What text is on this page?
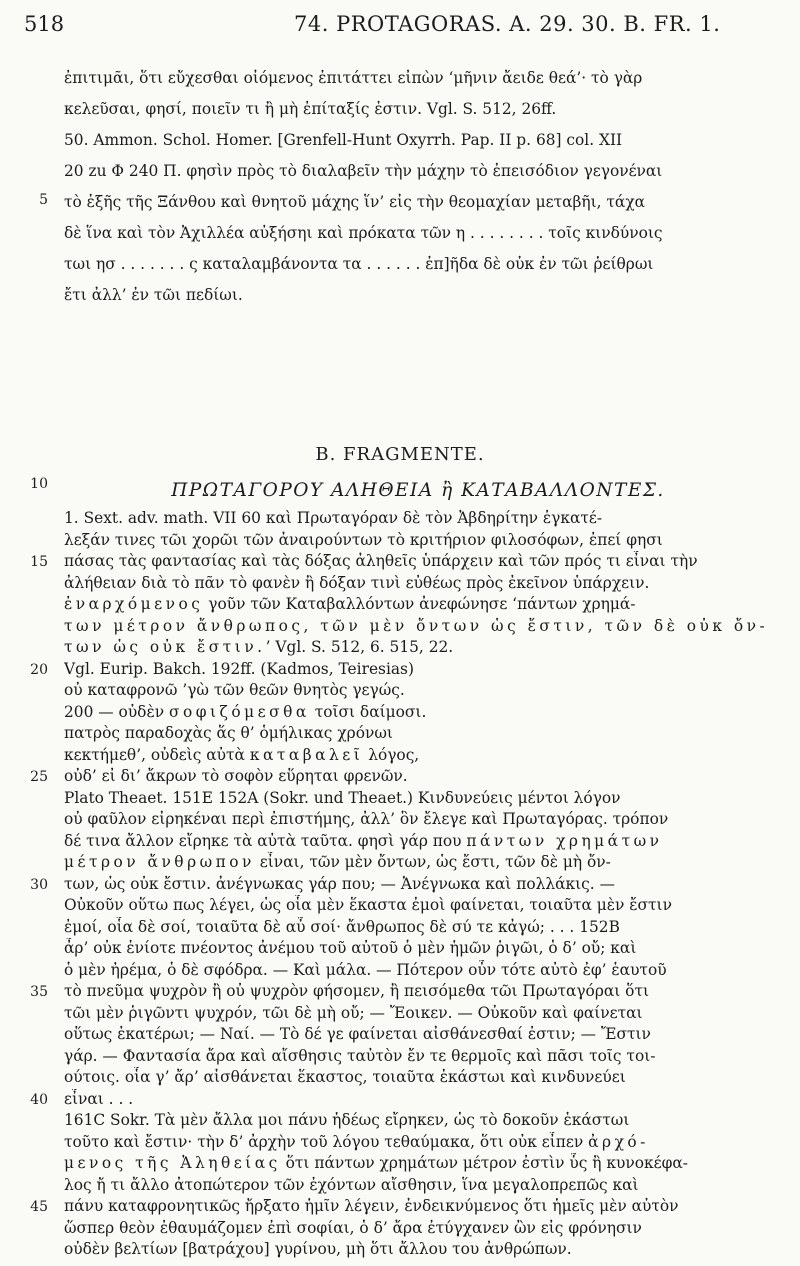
518	74. PROTAGORAS. A. 29. 30. B. FR. 1.
ἐπιτιμᾶι, ὅτι εὔχεσθαι οἰόμενος ἐπιτάττει εἰπὼν ‘μῆνιν ἄειδε θεά’· τὸ γὰρ
κελεῦσαι, φησί, ποιεῖν τι ἢ μὴ ἐπίταξίς ἐστιν. Vgl. S. 512, 26ff.
50. Ammon. Schol. Homer. [Grenfell-Hunt Oxyrrh. Pap. II p. 68] col. XII
20 zu Φ 240 Π. φησὶν πρὸς τὸ διαλαβεῖν τὴν μάχην τὸ ἐπεισόδιον γεγονέναι
τὸ ἑξῆς τῆς Ξάνθου καὶ θνητοῦ μάχης ἵν’ εἰς τὴν θεομαχίαν μεταβῆι, τάχα
δὲ ἵνα καὶ τὸν Ἀχιλλέα αὐξήσηι καὶ πρόκατα τῶν η . . . . . . . . τοῖς κινδύνοις
τωι ησ . . . . . . . ς καταλαμβάνοντα τα . . . . . . ἐπ]ῆδα δὲ οὐκ ἐν τῶι ῥείθρωι
ἔτι ἀλλ’ ἐν τῶι πεδίωι.
B. FRAGMENTE.
ΠΡΩΤΑΓΟΡΟΥ ΑΛΗΘΕΙΑ ἢ ΚΑΤΑΒΑΛΛΟΝΤΕΣ.
1. Sext. adv. math. VII 60 καὶ Πρωταγόραν δὲ τὸν Ἀβδηρίτην ἐγκατέ-
λεξάν τινες τῶι χορῶι τῶν ἀναιρούντων τὸ κριτήριον φιλοσόφων, ἐπεί φησι
πάσας τὰς φαντασίας καὶ τὰς δόξας ἀληθεῖς ὑπάρχειν καὶ τῶν πρός τι εἶναι τὴν
ἀλήθειαν διὰ τὸ πᾶν τὸ φανὲν ἢ δόξαν τινὶ εὐθέως πρὸς ἐκεῖνον ὑπάρχειν.
ἐναρχόμενος γοῦν τῶν Καταβαλλόντων ἀνεφώνησε ‘πάντων χρημά-
των μέτρον ἄνθρωπος, τῶν μὲν ὄντων ὡς ἔστιν, τῶν δὲ οὐκ ὄν-
των ὡς οὐκ ἔστιν.’ Vgl. S. 512, 6. 515, 22.
Vgl. Eurip. Bakch. 192ff. (Kadmos, Teiresias)
οὐ καταφρονῶ ’γὼ τῶν θεῶν θνητὸς γεγώς.
200 — οὐδὲν σοφιζόμεσθα τοῖσι δαίμοσι.
πατρὸς παραδοχὰς ἅς θ’ ὁμήλικας χρόνωι
κεκτήμεθ’, οὐδεὶς αὐτὰ καταβαλεῖ λόγος,
οὐδ’ εἰ δι’ ἄκρων τὸ σοφὸν εὕρηται φρενῶν.
Plato Theaet. 151E 152A (Sokr. und Theaet.) Κινδυνεύεις μέντοι λόγον
οὐ φαῦλον εἰρηκέναι περὶ ἐπιστήμης, ἀλλ’ ὃν ἔλεγε καὶ Πρωταγόρας. τρόπον
δέ τινα ἄλλον εἴρηκε τὰ αὐτὰ ταῦτα. φησὶ γάρ που πάντων χρημάτων
μέτρον ἄνθρωπον εἶναι, τῶν μὲν ὄντων, ὡς ἔστι, τῶν δὲ μὴ ὄν-
των, ὡς οὐκ ἔστιν. ἀνέγνωκας γάρ που; — Ἀνέγνωκα καὶ πολλάκις. —
Οὐκοῦν οὕτω πως λέγει, ὡς οἷα μὲν ἕκαστα ἐμοὶ φαίνεται, τοιαῦτα μὲν ἔστιν
ἐμοί, οἷα δὲ σοί, τοιαῦτα δὲ αὖ σοί· ἄνθρωπος δὲ σύ τε κἀγώ; . . . 152B
ἆρ’ οὐκ ἐνίοτε πνέοντος ἀνέμου τοῦ αὐτοῦ ὁ μὲν ἡμῶν ῥιγῶι, ὁ δ’ οὔ; καὶ
ὁ μὲν ἠρέμα, ὁ δὲ σφόδρα. — Καὶ μάλα. — Πότερον οὖν τότε αὐτὸ ἐφ’ ἑαυτοῦ
τὸ πνεῦμα ψυχρὸν ἢ οὐ ψυχρὸν φήσομεν, ἢ πεισόμεθα τῶι Πρωταγόραι ὅτι
τῶι μὲν ῥιγῶντι ψυχρόν, τῶι δὲ μὴ οὔ; — Ἔοικεν. — Οὐκοῦν καὶ φαίνεται
οὕτως ἑκατέρωι; — Ναί. — Τὸ δέ γε φαίνεται αἰσθάνεσθαί ἐστιν; — Ἔστιν
γάρ. — Φαντασία ἄρα καὶ αἴσθησις ταὐτὸν ἔν τε θερμοῖς καὶ πᾶσι τοῖς τοι-
ούτοις. οἷα γ’ ἄρ’ αἰσθάνεται ἕκαστος, τοιαῦτα ἑκάστωι καὶ κινδυνεύει
εἶναι . . .
161C Sokr. Τὰ μὲν ἄλλα μοι πάνυ ἡδέως εἴρηκεν, ὡς τὸ δοκοῦν ἑκάστωι
τοῦτο καὶ ἔστιν· τὴν δ’ ἀρχὴν τοῦ λόγου τεθαύμακα, ὅτι οὐκ εἶπεν ἀρχό-
μενος τῆς Ἀληθείας ὅτι πάντων χρημάτων μέτρον ἐστὶν ὗς ἢ κυνοκέφα-
λος ἤ τι ἄλλο ἀτοπώτερον τῶν ἐχόντων αἴσθησιν, ἵνα μεγαλοπρεπῶς καὶ
πάνυ καταφρονητικῶς ἤρξατο ἡμῖν λέγειν, ἐνδεικνύμενος ὅτι ἡμεῖς μὲν αὐτὸν
ὥσπερ θεὸν ἐθαυμάζομεν ἐπὶ σοφίαι, ὁ δ’ ἄρα ἐτύγχανεν ὢν εἰς φρόνησιν
οὐδὲν βελτίων [βατράχου] γυρίνου, μὴ ὅτι ἄλλου του ἀνθρώπων.
5
10
15
20
25
30
35
40
45
